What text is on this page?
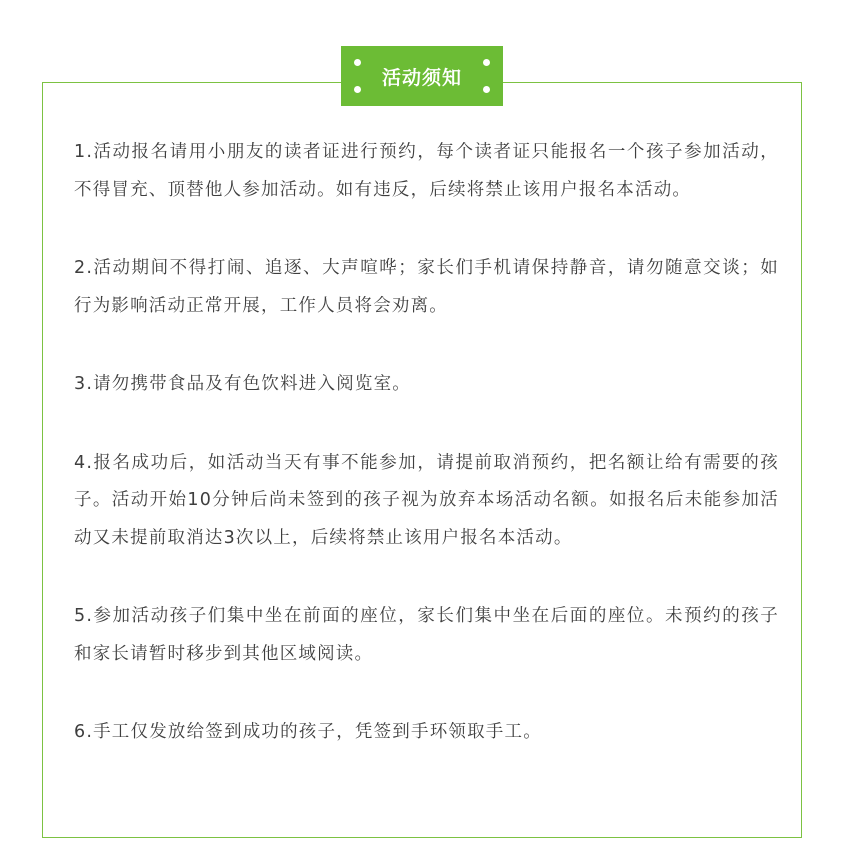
活动须知
1.活动报名请用小朋友的读者证进行预约，每个读者证只能报名一个孩子参加活动，不得冒充、顶替他人参加活动。如有违反，后续将禁止该用户报名本活动。
2.活动期间不得打闹、追逐、大声喧哗；家长们手机请保持静音，请勿随意交谈；如行为影响活动正常开展，工作人员将会劝离。
3.请勿携带食品及有色饮料进入阅览室。
4.报名成功后，如活动当天有事不能参加，请提前取消预约，把名额让给有需要的孩子。活动开始10分钟后尚未签到的孩子视为放弃本场活动名额。如报名后未能参加活动又未提前取消达3次以上，后续将禁止该用户报名本活动。
5.参加活动孩子们集中坐在前面的座位，家长们集中坐在后面的座位。未预约的孩子和家长请暂时移步到其他区域阅读。
6.手工仅发放给签到成功的孩子，凭签到手环领取手工。
